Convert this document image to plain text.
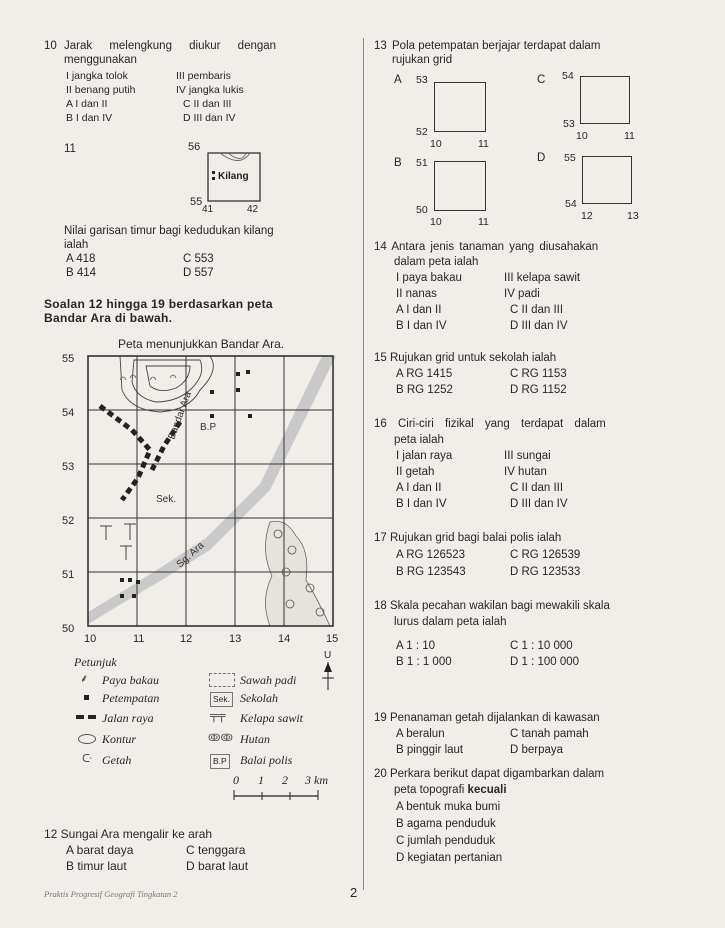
10 Jarak melengkung diukur dengan
menggunakan
I jangka tolok	III pembaris
II benang putih	IV jangka lukis
A I dan II	C II dan III
B I dan IV	D III dan IV
11	56
Kilang
55
41	42
Nilai garisan timur bagi kedudukan kilang
ialah
A 418	C 553
B 414	D 557
Soalan 12 hingga 19 berdasarkan peta
Bandar Ara di bawah.
Peta menunjukkan Bandar Ara.
Bandar Ara B.P
Sek.
Sg. Ara
55
54
53
52
51
50
10	11	12	13	14	15
U
Petunjuk
⸙ Paya bakau	Sawah padi
Petempatan	Sek. Sekolah
Jalan raya	╤╤ Kelapa sawit
Kontur	ↂↂ Hutan
ᑢ Getah	B.P Balai polis
0 1 2 3 km
12 Sungai Ara mengalir ke arah
A barat daya	C tenggara
B timur laut	D barat laut
Praktis Progresif Geografi Tingkatan 2	2
13 Pola petempatan berjajar terdapat dalam
rujukan grid
A 53
52
10	11
C 54
53
10	11
B 51
50
10	11
D 55
54
12	13
14 Antara jenis tanaman yang diusahakan
dalam peta ialah
I paya bakau	III kelapa sawit
II nanas	IV padi
A I dan II	C II dan III
B I dan IV	D III dan IV
15 Rujukan grid untuk sekolah ialah
A RG 1415	C RG 1153
B RG 1252	D RG 1152
16 Ciri-ciri fizikal yang terdapat dalam
peta ialah
I jalan raya	III sungai
II getah	IV hutan
A I dan II	C II dan III
B I dan IV	D III dan IV
17 Rujukan grid bagi balai polis ialah
A RG 126523	C RG 126539
B RG 123543	D RG 123533
18 Skala pecahan wakilan bagi mewakili skala
lurus dalam peta ialah
A 1 : 10	C 1 : 10 000
B 1 : 1 000	D 1 : 100 000
19 Penanaman getah dijalankan di kawasan
A beralun	C tanah pamah
B pinggir laut	D berpaya
20 Perkara berikut dapat digambarkan dalam
peta topografi kecuali
A bentuk muka bumi
B agama penduduk
C jumlah penduduk
D kegiatan pertanian
